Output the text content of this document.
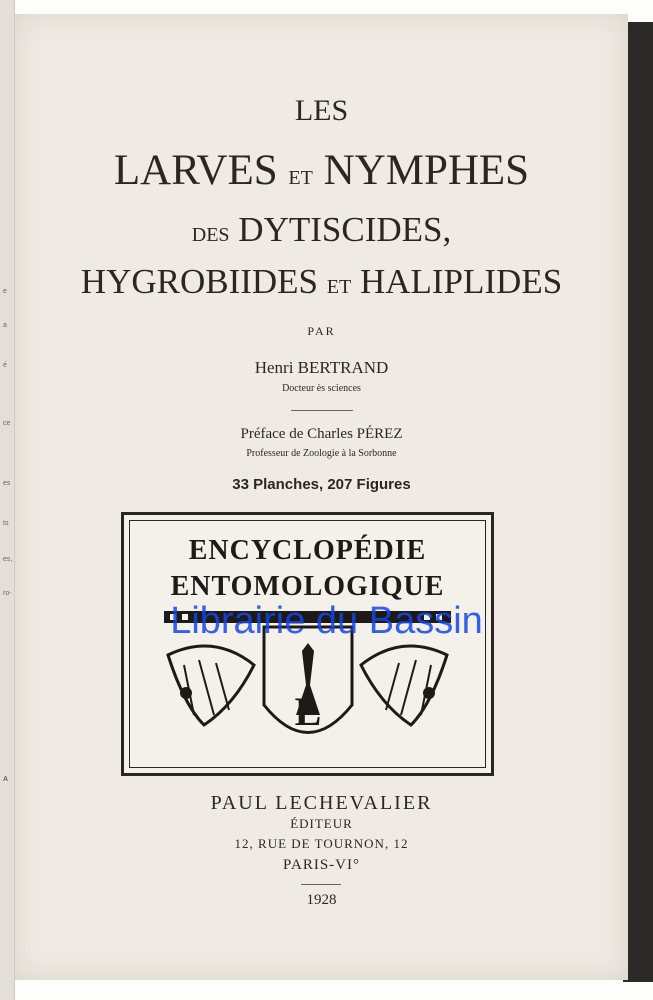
e
a
é
ce
es
ts
es,
ro-
A
LES
LARVES ET NYMPHES
DES DYTISCIDES,
HYGROBIIDES ET HALIPLIDES
PAR
Henri BERTRAND
Docteur ès sciences
Préface de Charles PÉREZ
Professeur de Zoologie à la Sorbonne
33 Planches, 207 Figures
ENCYCLOPÉDIE
ENTOMOLOGIQUE
L
PAUL LECHEVALIER
ÉDITEUR
12, RUE DE TOURNON, 12
PARIS-VI°
1928
Librairie du Bassin
